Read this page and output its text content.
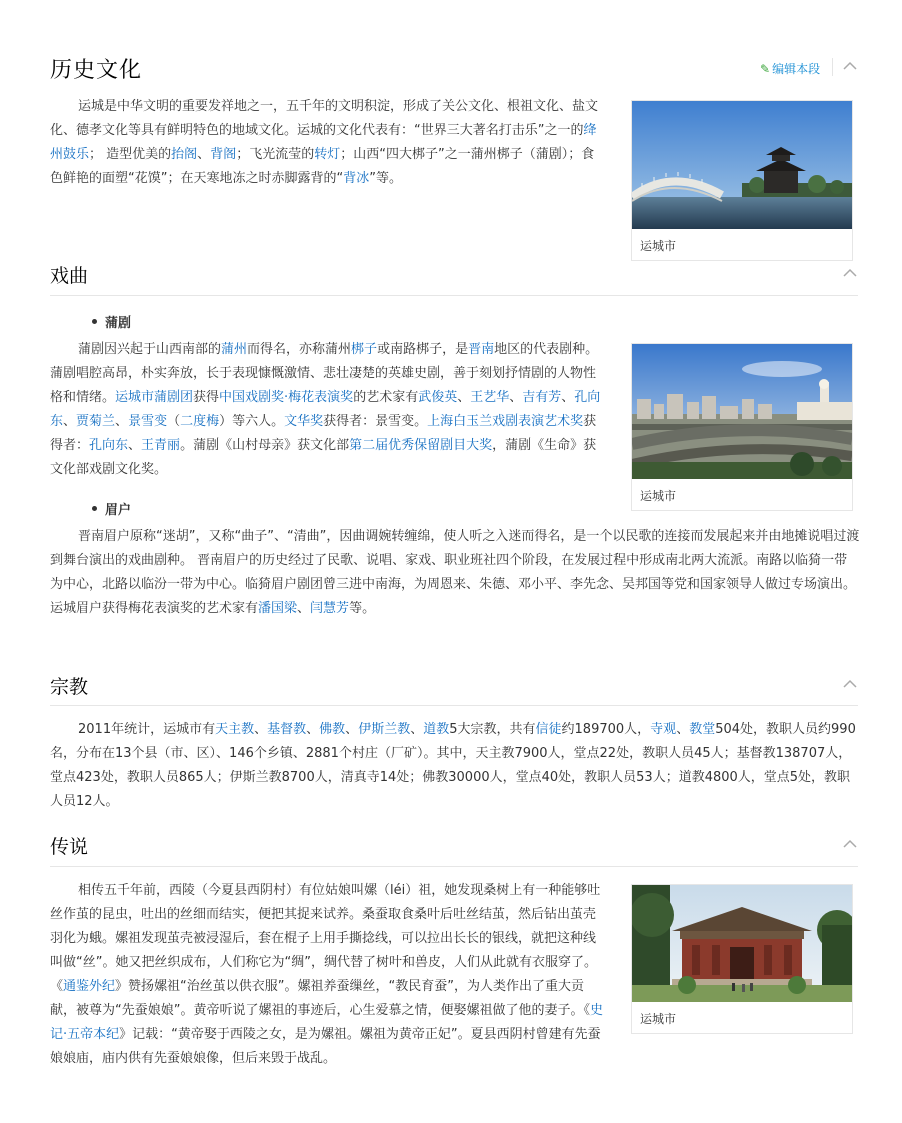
历史文化	✎ 编辑本段

运城是中华文明的重要发祥地之一，五千年的文明积淀，形成了关公文化、根祖文化、盐文化、德孝文化等具有鲜明特色的地域文化。运城的文化代表有：“世界三大著名打击乐”之一的绛州鼓乐； 造型优美的抬阁、背阁；飞光流莹的转灯；山西“四大梆子”之一蒲州梆子（蒲剧）；食色鲜艳的面塑“花馍”；在天寒地冻之时赤脚露背的“背冰”等。

运城市
戏曲
蒲剧

蒲剧因兴起于山西南部的蒲州而得名，亦称蒲州梆子或南路梆子，是晋南地区的代表剧种。蒲剧唱腔高昂，朴实奔放，长于表现慷慨激情、悲壮凄楚的英雄史剧，善于刻划抒情剧的人物性格和情绪。运城市蒲剧团获得中国戏剧奖·梅花表演奖的艺术家有武俊英、王艺华、吉有芳、孔向东、贾菊兰、景雪变（二度梅）等六人。文华奖获得者：景雪变。上海白玉兰戏剧表演艺术奖获得者：孔向东、王青丽。蒲剧《山村母亲》获文化部第二届优秀保留剧目大奖，蒲剧《生命》获文化部戏剧文化奖。

运城市
眉户

晋南眉户原称“迷胡”，又称“曲子”、“清曲”，因曲调婉转缠绵，使人听之入迷而得名，是一个以民歌的连接而发展起来并由地摊说唱过渡到舞台演出的戏曲剧种。 晋南眉户的历史经过了民歌、说唱、家戏、职业班社四个阶段，在发展过程中形成南北两大流派。南路以临猗一带为中心，北路以临汾一带为中心。临猗眉户剧团曾三进中南海，为周恩来、朱德、邓小平、李先念、吴邦国等党和国家领导人做过专场演出。运城眉户获得梅花表演奖的艺术家有潘国梁、闫慧芳等。

宗教

2011年统计，运城市有天主教、基督教、佛教、伊斯兰教、道教5大宗教，共有信徒约189700人，寺观、教堂504处，教职人员约990名，分布在13个县（市、区）、146个乡镇、2881个村庄（厂矿）。其中，天主教7900人，堂点22处，教职人员45人；基督教138707人，堂点423处，教职人员865人；伊斯兰教8700人，清真寺14处；佛教30000人，堂点40处，教职人员53人；道教4800人，堂点5处，教职人员12人。

传说

相传五千年前，西陵（今夏县西阴村）有位姑娘叫嫘（léi）祖，她发现桑树上有一种能够吐丝作茧的昆虫，吐出的丝细而结实，便把其捉来试养。桑蚕取食桑叶后吐丝结茧，然后钻出茧壳羽化为蛾。嫘祖发现茧壳被浸湿后，套在棍子上用手撕捻线，可以拉出长长的银线，就把这种线叫做“丝”。她又把丝织成布，人们称它为“绸”，绸代替了树叶和兽皮，人们从此就有衣服穿了。《通鉴外纪》赞扬嫘祖“治丝茧以供衣服”。嫘祖养蚕缫丝，“教民育蚕”，为人类作出了重大贡献，被尊为“先蚕娘娘”。黄帝听说了嫘祖的事迹后，心生爱慕之情，便娶嫘祖做了他的妻子。《史记·五帝本纪》记载：“黄帝娶于西陵之女，是为嫘祖。嫘祖为黄帝正妃”。夏县西阴村曾建有先蚕娘娘庙，庙内供有先蚕娘娘像，但后来毁于战乱。

运城市
